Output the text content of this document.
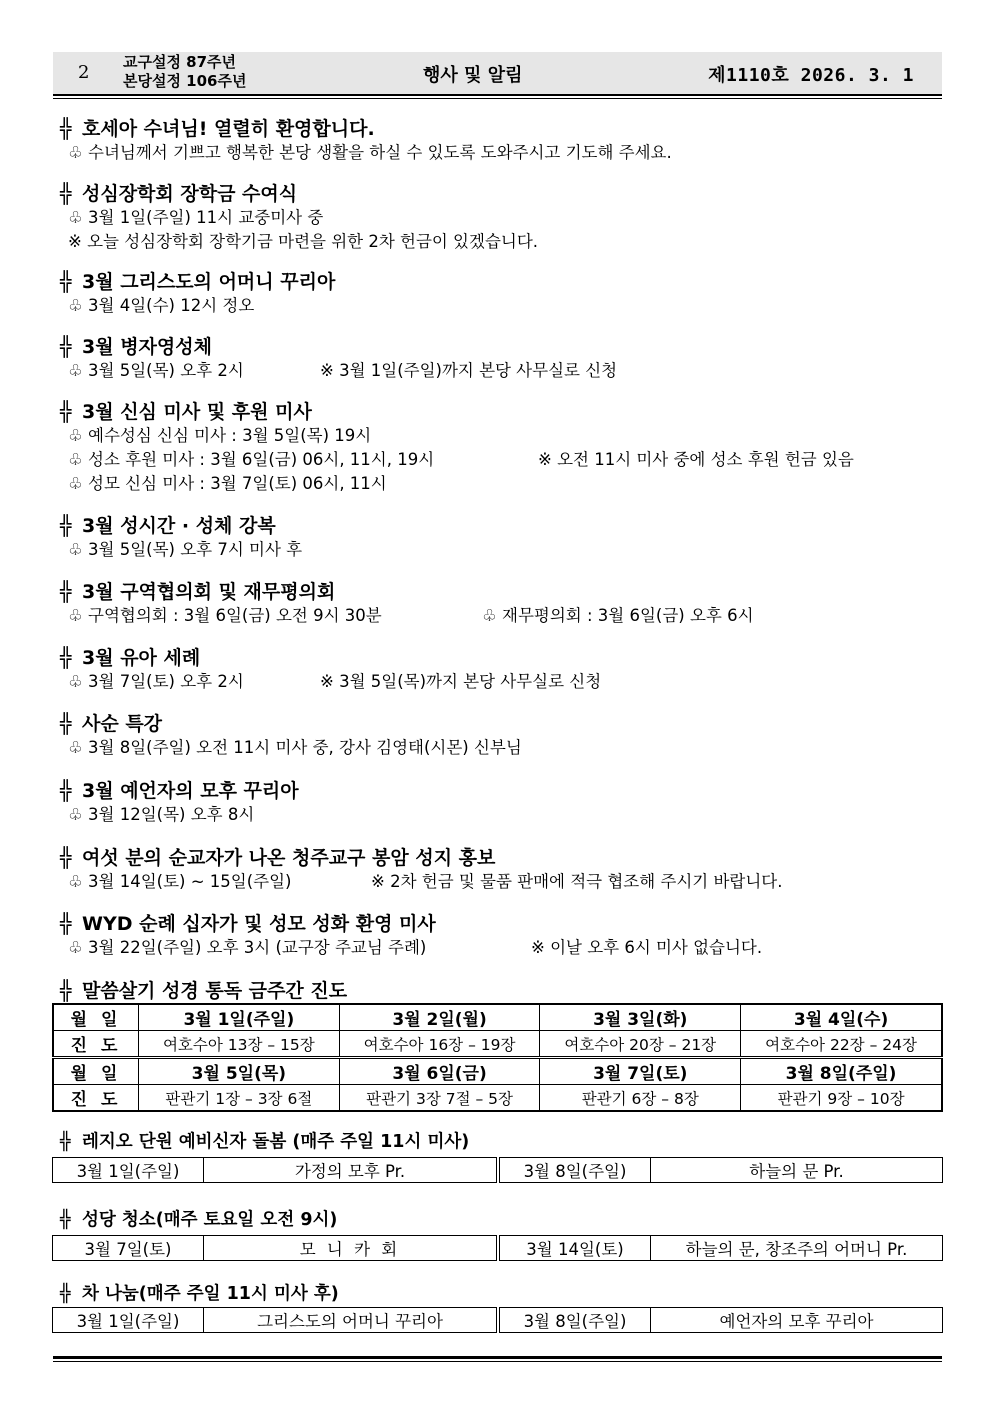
2 교구설정 87주년
본당설정 106주년	행사 및 알림	제1110호 2026. 3. 1
╬ 호세아 수녀님! 열렬히 환영합니다.
♧ 수녀님께서 기쁘고 행복한 본당 생활을 하실 수 있도록 도와주시고 기도해 주세요.
╬ 성심장학회 장학금 수여식
♧ 3월 1일(주일) 11시 교중미사 중
※ 오늘 성심장학회 장학기금 마련을 위한 2차 헌금이 있겠습니다.
╬ 3월 그리스도의 어머니 꾸리아
♧ 3월 4일(수) 12시 정오
╬ 3월 병자영성체
♧ 3월 5일(목) 오후 2시	※ 3월 1일(주일)까지 본당 사무실로 신청
╬ 3월 신심 미사 및 후원 미사
♧ 예수성심 신심 미사 : 3월 5일(목) 19시
♧ 성소 후원 미사 : 3월 6일(금) 06시, 11시, 19시	※ 오전 11시 미사 중에 성소 후원 헌금 있음
♧ 성모 신심 미사 : 3월 7일(토) 06시, 11시
╬ 3월 성시간 · 성체 강복
♧ 3월 5일(목) 오후 7시 미사 후
╬ 3월 구역협의회 및 재무평의회
♧ 구역협의회 : 3월 6일(금) 오전 9시 30분	♧ 재무평의회 : 3월 6일(금) 오후 6시
╬ 3월 유아 세례
♧ 3월 7일(토) 오후 2시	※ 3월 5일(목)까지 본당 사무실로 신청
╬ 사순 특강
♧ 3월 8일(주일) 오전 11시 미사 중, 강사 김영태(시몬) 신부님
╬ 3월 예언자의 모후 꾸리아
♧ 3월 12일(목) 오후 8시
╬ 여섯 분의 순교자가 나온 청주교구 봉암 성지 홍보
♧ 3월 14일(토) ~ 15일(주일)	※ 2차 헌금 및 물품 판매에 적극 협조해 주시기 바랍니다.
╬ WYD 순례 십자가 및 성모 성화 환영 미사
♧ 3월 22일(주일) 오후 3시 (교구장 주교님 주례)	※ 이날 오후 6시 미사 없습니다.
╬ 말씀살기 성경 통독 금주간 진도
월 일	3월 1일(주일)	3월 2일(월)	3월 3일(화)	3월 4일(수)
진 도	여호수아 13장 – 15장	여호수아 16장 – 19장	여호수아 20장 – 21장	여호수아 22장 – 24장
월 일	3월 5일(목)	3월 6일(금)	3월 7일(토)	3월 8일(주일)
진 도	판관기 1장 – 3장 6절	판관기 3장 7절 – 5장	판관기 6장 – 8장	판관기 9장 – 10장
╬ 레지오 단원 예비신자 돌봄 (매주 주일 11시 미사)
3월 1일(주일)	가정의 모후 Pr.	3월 8일(주일)	하늘의 문 Pr.
╬ 성당 청소(매주 토요일 오전 9시)
3월 7일(토)	모 니 카 회	3월 14일(토)	하늘의 문, 창조주의 어머니 Pr.
╬ 차 나눔(매주 주일 11시 미사 후)
3월 1일(주일)	그리스도의 어머니 꾸리아	3월 8일(주일)	예언자의 모후 꾸리아
